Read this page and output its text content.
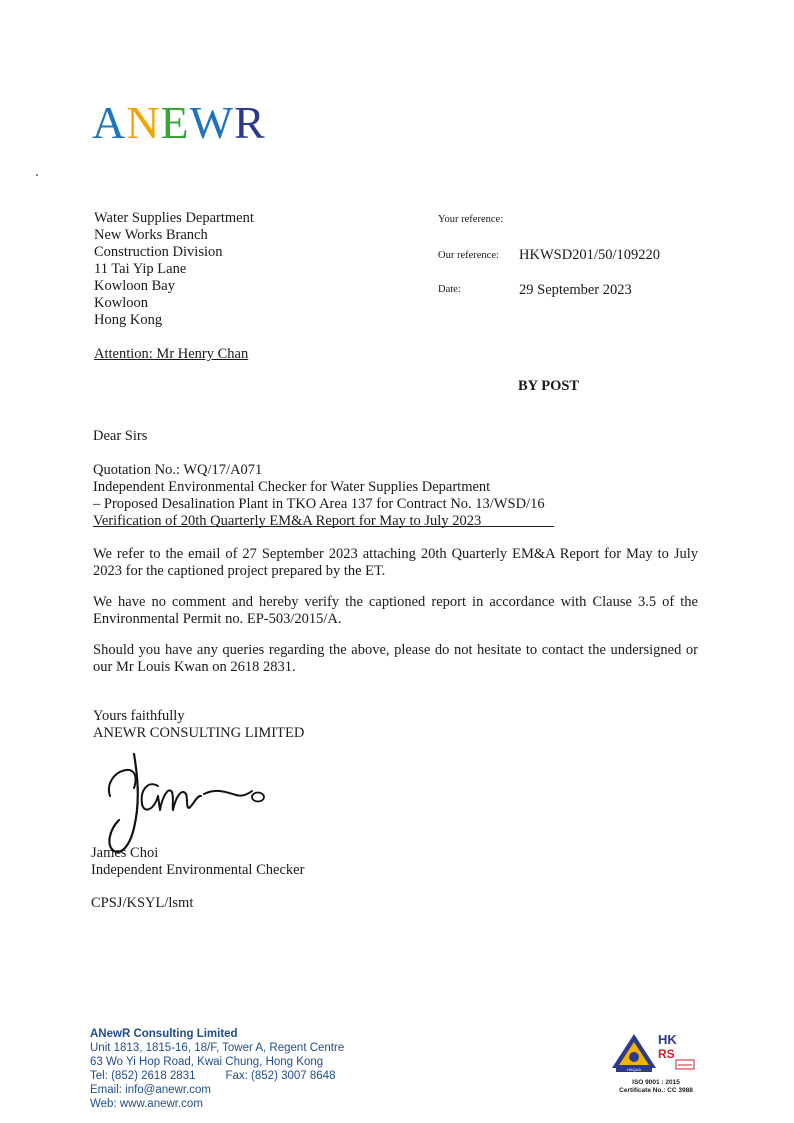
ANEWR
Water Supplies Department
New Works Branch
Construction Division
11 Tai Yip Lane
Kowloon Bay
Kowloon
Hong Kong
Your reference:
Our reference: HKWSD201/50/109220
Date:	29 September 2023
Attention: Mr Henry Chan
BY POST
Dear Sirs
Quotation No.: WQ/17/A071
Independent Environmental Checker for Water Supplies Department
– Proposed Desalination Plant in TKO Area 137 for Contract No. 13/WSD/16
Verification of 20th Quarterly EM&A Report for May to July 2023
We refer to the email of 27 September 2023 attaching 20th Quarterly EM&A Report for May to July 2023 for the captioned project prepared by the ET.
We have no comment and hereby verify the captioned report in accordance with Clause 3.5 of the Environmental Permit no. EP-503/2015/A.
Should you have any queries regarding the above, please do not hesitate to contact the undersigned or our Mr Louis Kwan on 2618 2831.
Yours faithfully
ANEWR CONSULTING LIMITED
James Choi
Independent Environmental Checker
CPSJ/KSYL/lsmt
ANewR Consulting Limited
Unit 1813, 1815-16, 18/F, Tower A, Regent Centre
63 Wo Yi Hop Road, Kwai Chung, Hong Kong
Tel: (852) 2618 2831	Fax: (852) 3007 8648
Email: info@anewr.com
Web: www.anewr.com
HKQAA
HK
RS
ISO 9001 : 2015
Certificate No.: CC 3988
